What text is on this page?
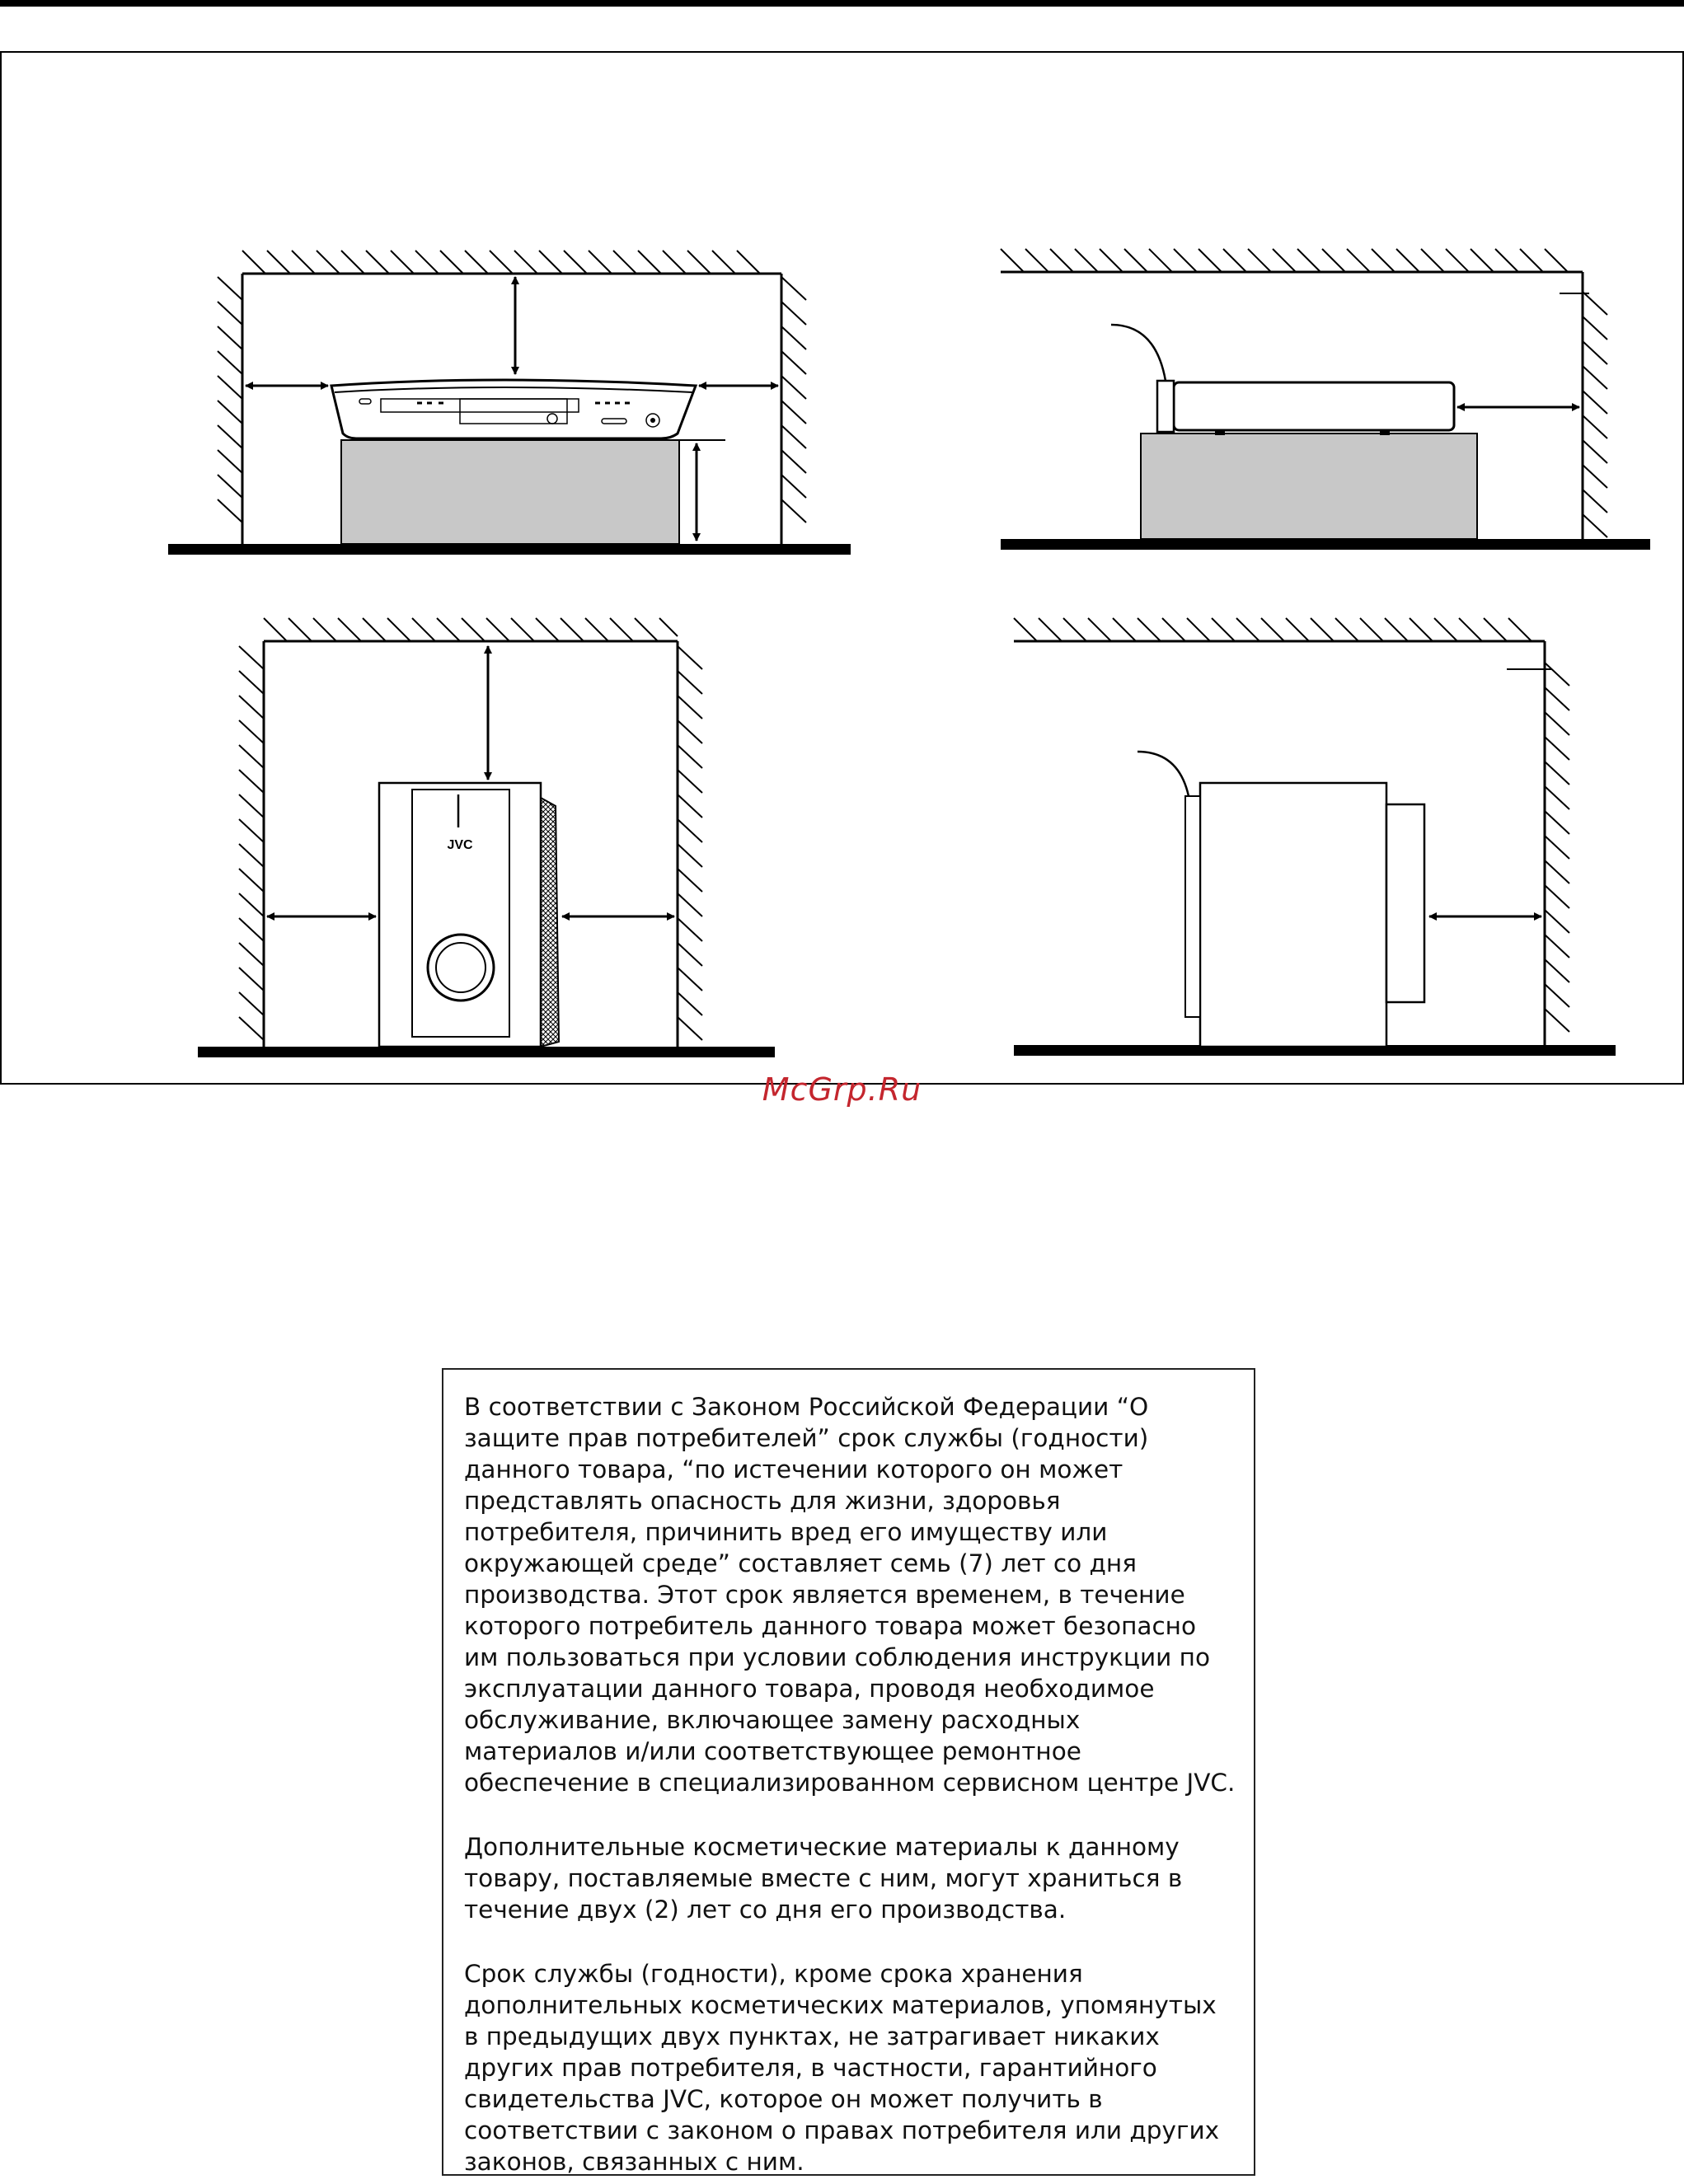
JVC
McGrp.Ru

В соответствии с Законом Российской Федерации “О
защите прав потребителей” срок службы (годности)
данного товара, “по истечении которого он может
представлять опасность для жизни, здоровья
потребителя, причинить вред его имуществу или
окружающей среде” составляет семь (7) лет со дня
производства. Этот срок является временем, в течение
которого потребитель данного товара может безопасно
им пользоваться при условии соблюдения инструкции по
эксплуатации данного товара, проводя необходимое
обслуживание, включающее замену расходных
материалов и/или соответствующее ремонтное
обеспечение в специализированном сервисном центре JVC.

Дополнительные косметические материалы к данному
товару, поставляемые вместе с ним, могут храниться в
течение двух (2) лет со дня его производства.

Срок службы (годности), кроме срока хранения
дополнительных косметических материалов, упомянутых
в предыдущих двух пунктах, не затрагивает никаких
других прав потребителя, в частности, гарантийного
свидетельства JVC, которое он может получить в
соответствии с законом о правах потребителя или других
законов, связанных с ним.
